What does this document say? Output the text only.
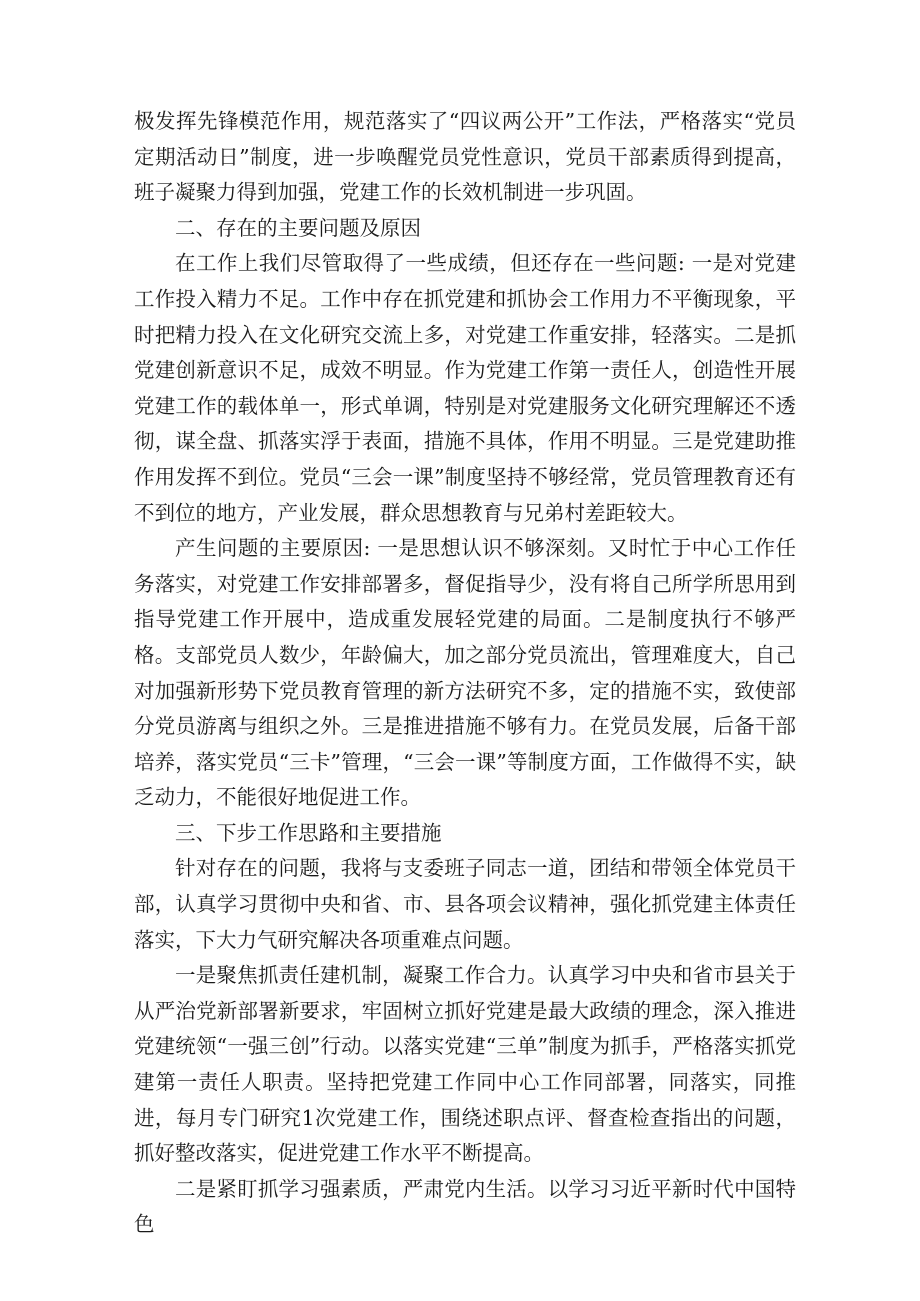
极发挥先锋模范作用，规范落实了“四议两公开”工作法，严格落实“党员定期活动日”制度，进一步唤醒党员党性意识，党员干部素质得到提高，班子凝聚力得到加强，党建工作的长效机制进一步巩固。

二、存在的主要问题及原因

在工作上我们尽管取得了一些成绩，但还存在一些问题: 一是对党建工作投入精力不足。工作中存在抓党建和抓协会工作用力不平衡现象，平时把精力投入在文化研究交流上多，对党建工作重安排，轻落实。二是抓党建创新意识不足，成效不明显。作为党建工作第一责任人，创造性开展党建工作的载体单一，形式单调，特别是对党建服务文化研究理解还不透彻，谋全盘、抓落实浮于表面，措施不具体，作用不明显。三是党建助推作用发挥不到位。党员“三会一课”制度坚持不够经常，党员管理教育还有不到位的地方，产业发展，群众思想教育与兄弟村差距较大。

产生问题的主要原因: 一是思想认识不够深刻。又时忙于中心工作任务落实，对党建工作安排部署多，督促指导少，没有将自己所学所思用到指导党建工作开展中，造成重发展轻党建的局面。二是制度执行不够严格。支部党员人数少，年龄偏大，加之部分党员流出，管理难度大，自己对加强新形势下党员教育管理的新方法研究不多，定的措施不实，致使部分党员游离与组织之外。三是推进措施不够有力。在党员发展，后备干部培养，落实党员“三卡”管理，“三会一课”等制度方面，工作做得不实，缺乏动力，不能很好地促进工作。

三、下步工作思路和主要措施

针对存在的问题，我将与支委班子同志一道，团结和带领全体党员干部，认真学习贯彻中央和省、市、县各项会议精神，强化抓党建主体责任落实，下大力气研究解决各项重难点问题。

一是聚焦抓责任建机制，凝聚工作合力。认真学习中央和省市县关于从严治党新部署新要求，牢固树立抓好党建是最大政绩的理念，深入推进党建统领“一强三创”行动。以落实党建“三单”制度为抓手，严格落实抓党建第一责任人职责。坚持把党建工作同中心工作同部署，同落实，同推进，每月专门研究1次党建工作，围绕述职点评、督查检查指出的问题，抓好整改落实，促进党建工作水平不断提高。

二是紧盯抓学习强素质，严肃党内生活。以学习习近平新时代中国特色
